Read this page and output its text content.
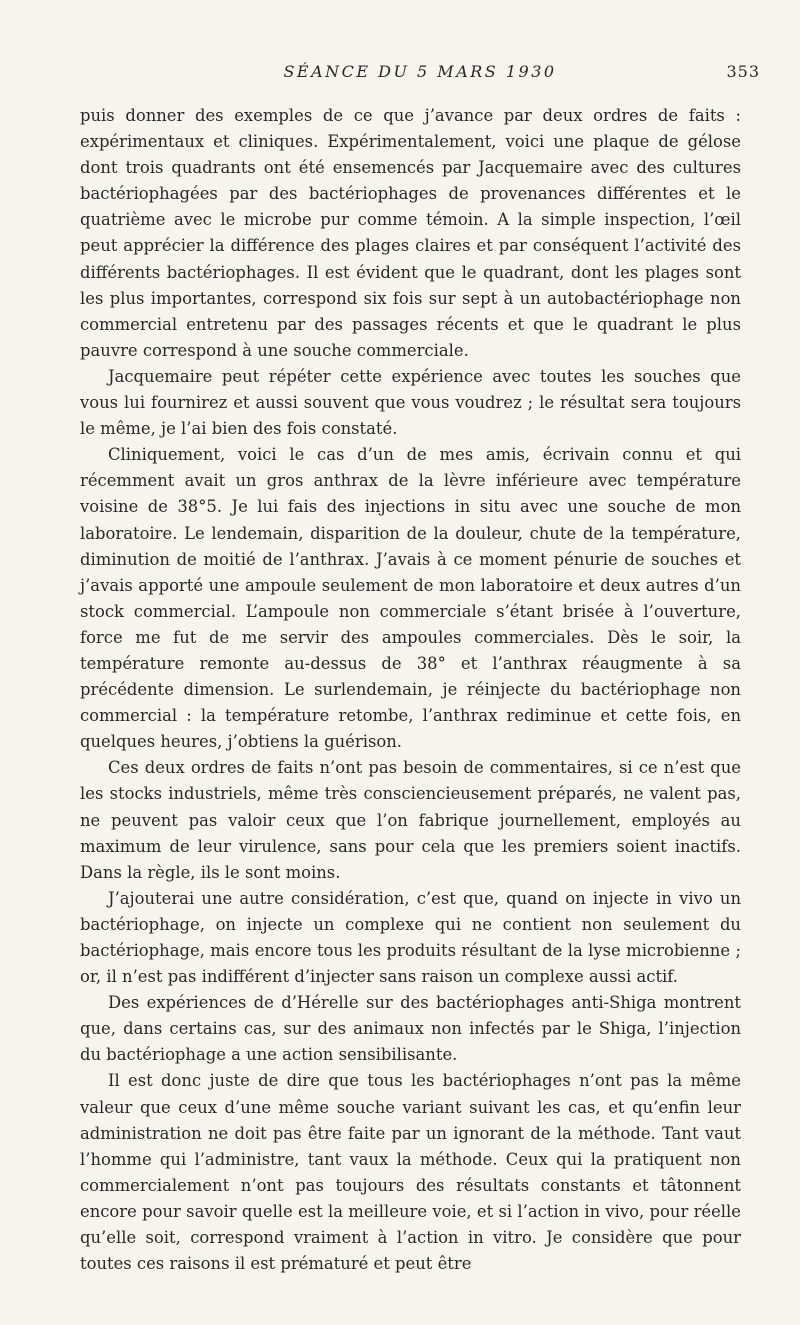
SÉANCE DU 5 MARS 1930	353

puis donner des exemples de ce que j’avance par deux ordres de faits : expérimentaux et cliniques. Expérimentalement, voici une plaque de gélose dont trois quadrants ont été ensemencés par Jacquemaire avec des cultures bactériophagées par des bactériophages de provenances différentes et le quatrième avec le microbe pur comme témoin. A la simple inspection, l’œil peut apprécier la différence des plages claires et par conséquent l’activité des différents bactériophages. Il est évident que le quadrant, dont les plages sont les plus importantes, correspond six fois sur sept à un autobactériophage non commercial entretenu par des passages récents et que le quadrant le plus pauvre correspond à une souche commerciale.

Jacquemaire peut répéter cette expérience avec toutes les souches que vous lui fournirez et aussi souvent que vous voudrez ; le résultat sera toujours le même, je l’ai bien des fois constaté.

Cliniquement, voici le cas d’un de mes amis, écrivain connu et qui récemment avait un gros anthrax de la lèvre inférieure avec température voisine de 38°5. Je lui fais des injections in situ avec une souche de mon laboratoire. Le lendemain, disparition de la douleur, chute de la température, diminution de moitié de l’anthrax. J’avais à ce moment pénurie de souches et j’avais apporté une ampoule seulement de mon laboratoire et deux autres d’un stock commercial. L’ampoule non commerciale s’étant brisée à l’ouverture, force me fut de me servir des ampoules commerciales. Dès le soir, la température remonte au-dessus de 38° et l’anthrax réaugmente à sa précédente dimension. Le surlendemain, je réinjecte du bactériophage non commercial : la température retombe, l’anthrax rediminue et cette fois, en quelques heures, j’obtiens la guérison.

Ces deux ordres de faits n’ont pas besoin de commentaires, si ce n’est que les stocks industriels, même très consciencieusement préparés, ne valent pas, ne peuvent pas valoir ceux que l’on fabrique journellement, employés au maximum de leur virulence, sans pour cela que les premiers soient inactifs. Dans la règle, ils le sont moins.

J’ajouterai une autre considération, c’est que, quand on injecte in vivo un bactériophage, on injecte un complexe qui ne contient non seulement du bactériophage, mais encore tous les produits résultant de la lyse microbienne ; or, il n’est pas indifférent d’injecter sans raison un complexe aussi actif.

Des expériences de d’Hérelle sur des bactériophages anti-Shiga montrent que, dans certains cas, sur des animaux non infectés par le Shiga, l’injection du bactériophage a une action sensibilisante.

Il est donc juste de dire que tous les bactériophages n’ont pas la même valeur que ceux d’une même souche variant suivant les cas, et qu’enfin leur administration ne doit pas être faite par un ignorant de la méthode. Tant vaut l’homme qui l’administre, tant vaux la méthode. Ceux qui la pratiquent non commercialement n’ont pas toujours des résultats constants et tâtonnent encore pour savoir quelle est la meilleure voie, et si l’action in vivo, pour réelle qu’elle soit, correspond vraiment à l’action in vitro. Je considère que pour toutes ces raisons il est prématuré et peut être
